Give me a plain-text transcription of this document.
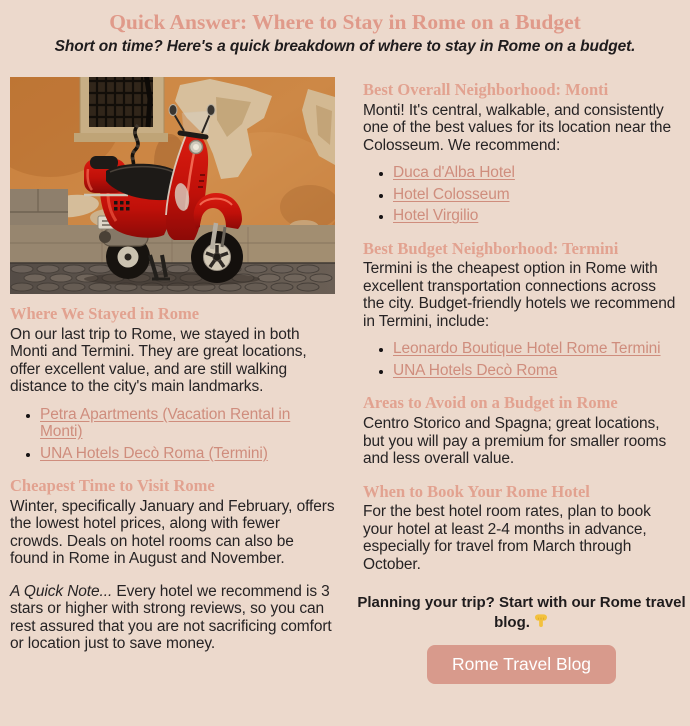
Quick Answer: Where to Stay in Rome on a Budget

Short on time? Here's a quick breakdown of where to stay in Rome on a budget.

Where We Stayed in Rome

On our last trip to Rome, we stayed in both Monti and Termini. They are great locations, offer excellent value, and are still walking distance to the city's main landmarks.

• Petra Apartments (Vacation Rental in Monti)
• UNA Hotels Decò Roma (Termini)
Cheapest Time to Visit Rome

Winter, specifically January and February, offers the lowest hotel prices, along with fewer crowds. Deals on hotel rooms can also be found in Rome in August and November.

A Quick Note... Every hotel we recommend is 3 stars or higher with strong reviews, so you can rest assured that you are not sacrificing comfort or location just to save money.

Best Overall Neighborhood: Monti

Monti! It's central, walkable, and consistently one of the best values for its location near the Colosseum. We recommend:

• Duca d'Alba Hotel
• Hotel Colosseum
• Hotel Virgilio
Best Budget Neighborhood: Termini

Termini is the cheapest option in Rome with excellent transportation connections across the city. Budget-friendly hotels we recommend in Termini, include:

• Leonardo Boutique Hotel Rome Termini
• UNA Hotels Decò Roma
Areas to Avoid on a Budget in Rome

Centro Storico and Spagna; great locations, but you will pay a premium for smaller rooms and less overall value.

When to Book Your Rome Hotel

For the best hotel room rates, plan to book your hotel at least 2-4 months in advance, especially for travel from March through October.

Planning your trip? Start with our Rome travel blog.

Rome Travel Blog
